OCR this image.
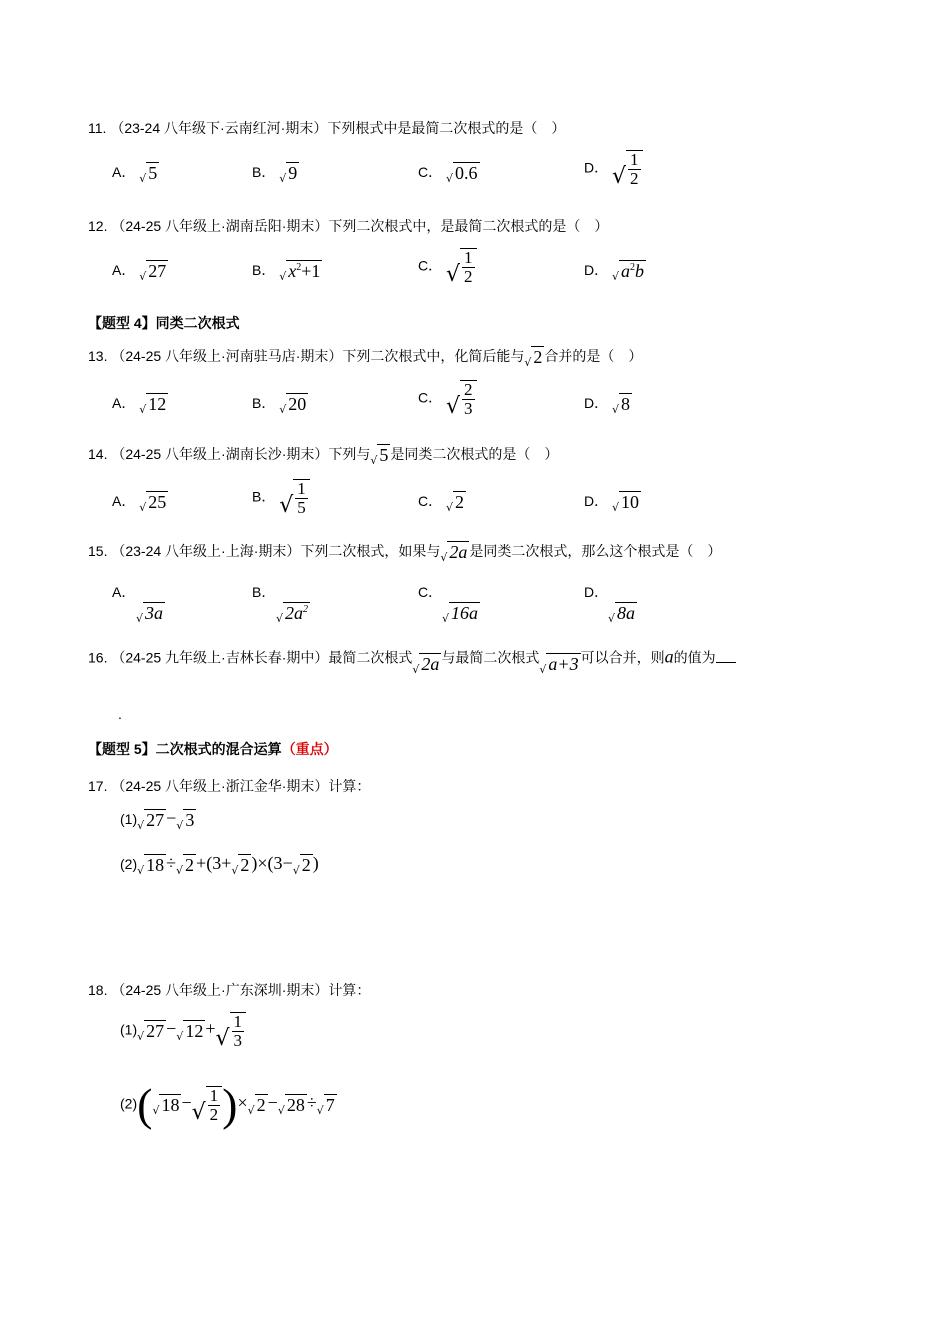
11. （23-24 八年级下·云南红河·期末）下列根式中是最简二次根式的是（　）
A． √ 5	B． √ 9	C． √ 0.6	D． √ $\frac{1}{2}$
12. （24-25 八年级上·湖南岳阳·期末）下列二次根式中，是最简二次根式的是（　）
A． √ 27	B． √ $x^2+1$	C． √ $\frac{1}{2}$	D． √ $a^2b$
【题型 4】同类二次根式
13. （24-25 八年级上·河南驻马店·期末）下列二次根式中，化简后能与 √ 2 合并的是（　）
A． √ 12	B． √ 20	C． √ $\frac{2}{3}$	D． √ 8
14. （24-25 八年级上·湖南长沙·期末）下列与 √ 5 是同类二次根式的是（　）
A． √ 25	B． √ $\frac{1}{5}$	C． √ 2	D． √ 10
15. （23-24 八年级上·上海·期末）下列二次根式，如果与 √ 2a 是同类二次根式，那么这个根式是（　）
A．

√ 3a
B．

√ $2a^2$
C．

√ 16a
D．

√ 8a
16. （24-25 九年级上·吉林长春·期中）最简二次根式
√ 2a 与最简二次根式
√ a+3 可以合并，则a的值为
.
【题型 5】二次根式的混合运算（重点）
17. （24-25 八年级上·浙江金华·期末）计算：
(1) √ 27 − √ 3
(2) √ 18 ÷ √ 2 +(3+ √ 2 )×(3− √ 2 )
18. （24-25 八年级上·广东深圳·期末）计算：
(1) √ 27 − √ 12 + √ $\frac{1}{3}$
(2)( √ 18 − √ $\frac{1}{2}$ )× √ 2 − √ 28 ÷ √ 7
